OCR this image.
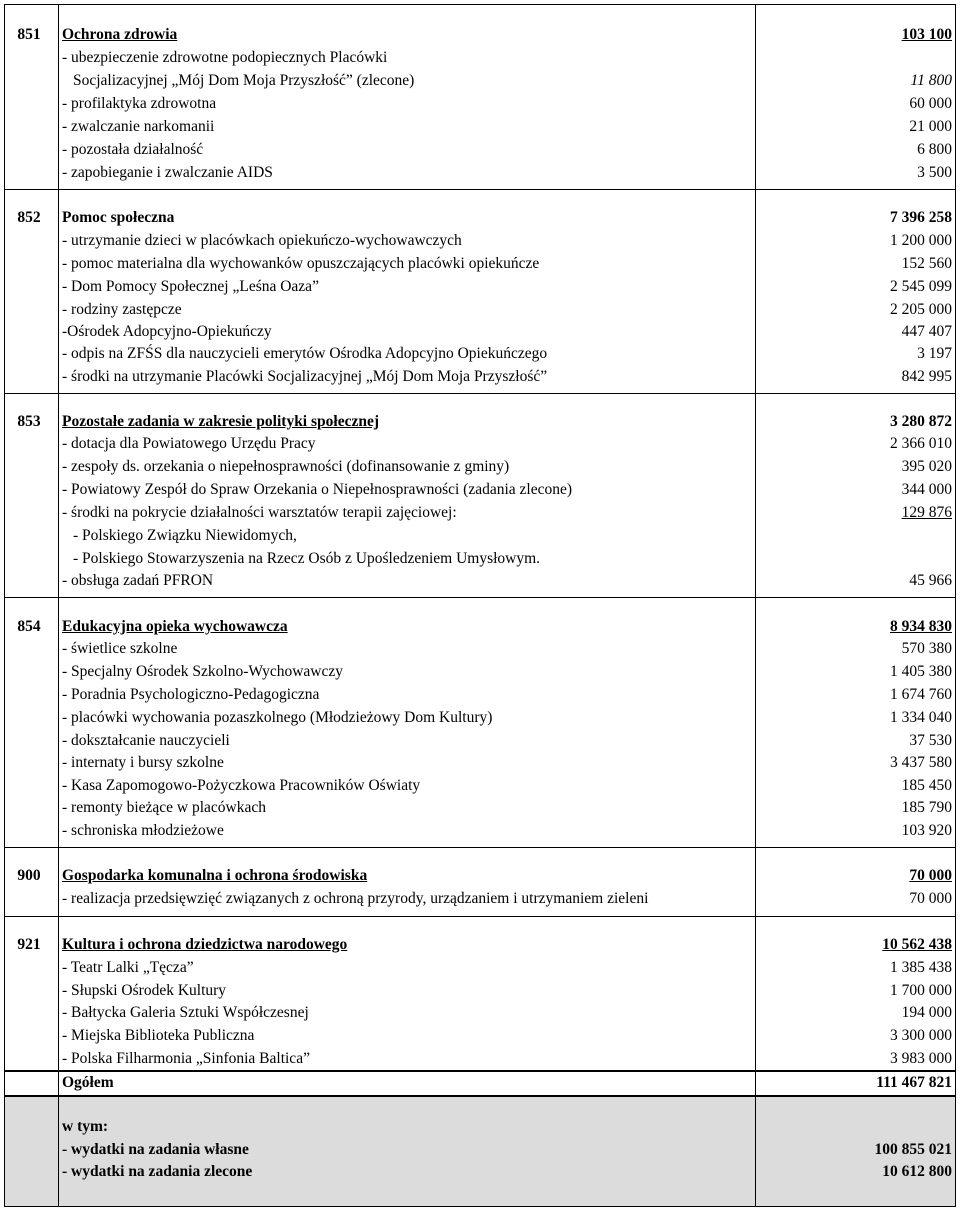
851	Ochrona zdrowia	103 100
- ubezpieczenie zdrowotne podopiecznych Placówki
Socjalizacyjnej „Mój Dom Moja Przyszłość” (zlecone)	11 800
- profilaktyka zdrowotna	60 000
- zwalczanie narkomanii	21 000
- pozostała działalność	6 800
- zapobieganie i zwalczanie AIDS	3 500
852	Pomoc społeczna	7 396 258
- utrzymanie dzieci w placówkach opiekuńczo-wychowawczych	1 200 000
- pomoc materialna dla wychowanków opuszczających placówki opiekuńcze	152 560
- Dom Pomocy Społecznej „Leśna Oaza”	2 545 099
- rodziny zastępcze	2 205 000
-Ośrodek Adopcyjno-Opiekuńczy	447 407
- odpis na ZFŚS dla nauczycieli emerytów Ośrodka Adopcyjno Opiekuńczego	3 197
- środki na utrzymanie Placówki Socjalizacyjnej „Mój Dom Moja Przyszłość”	842 995
853	Pozostałe zadania w zakresie polityki społecznej	3 280 872
- dotacja dla Powiatowego Urzędu Pracy	2 366 010
- zespoły ds. orzekania o niepełnosprawności (dofinansowanie z gminy)	395 020
- Powiatowy Zespół do Spraw Orzekania o Niepełnosprawności (zadania zlecone)	344 000
- środki na pokrycie działalności warsztatów terapii zajęciowej:	129 876
- Polskiego Związku Niewidomych,
- Polskiego Stowarzyszenia na Rzecz Osób z Upośledzeniem Umysłowym.
- obsługa zadań PFRON	45 966
854	Edukacyjna opieka wychowawcza	8 934 830
- świetlice szkolne	570 380
- Specjalny Ośrodek Szkolno-Wychowawczy	1 405 380
- Poradnia Psychologiczno-Pedagogiczna	1 674 760
- placówki wychowania pozaszkolnego (Młodzieżowy Dom Kultury)	1 334 040
- dokształcanie nauczycieli	37 530
- internaty i bursy szkolne	3 437 580
- Kasa Zapomogowo-Pożyczkowa Pracowników Oświaty	185 450
- remonty bieżące w placówkach	185 790
- schroniska młodzieżowe	103 920
900	Gospodarka komunalna i ochrona środowiska	70 000
- realizacja przedsięwzięć związanych z ochroną przyrody, urządzaniem i utrzymaniem zieleni	70 000
921	Kultura i ochrona dziedzictwa narodowego	10 562 438
- Teatr Lalki „Tęcza”	1 385 438
- Słupski Ośrodek Kultury	1 700 000
- Bałtycka Galeria Sztuki Współczesnej	194 000
- Miejska Biblioteka Publiczna	3 300 000
- Polska Filharmonia „Sinfonia Baltica”	3 983 000
Ogółem	111 467 821
w tym:
- wydatki na zadania własne	100 855 021
- wydatki na zadania zlecone	10 612 800
